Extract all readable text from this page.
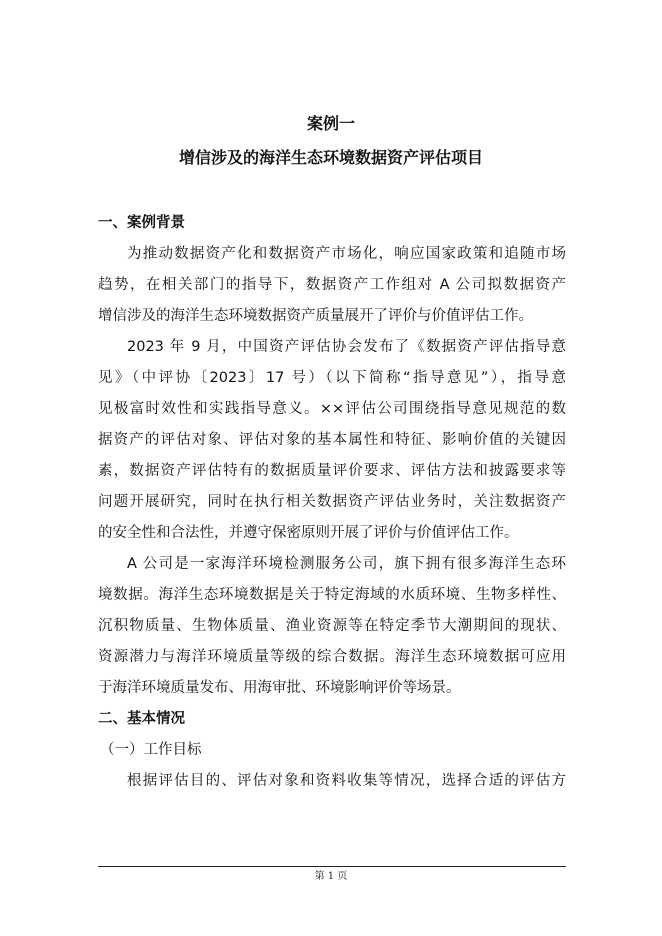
案例一
增信涉及的海洋生态环境数据资产评估项目
一、案例背景
为推动数据资产化和数据资产市场化，响应国家政策和追随市场
趋势，在相关部门的指导下，数据资产工作组对 A 公司拟数据资产
增信涉及的海洋生态环境数据资产质量展开了评价与价值评估工作。
2023 年 9 月，中国资产评估协会发布了《数据资产评估指导意
见》（中评协〔2023〕17 号）（以下简称“指导意见”），指导意
见极富时效性和实践指导意义。××评估公司围绕指导意见规范的数
据资产的评估对象、评估对象的基本属性和特征、影响价值的关键因
素，数据资产评估特有的数据质量评价要求、评估方法和披露要求等
问题开展研究，同时在执行相关数据资产评估业务时，关注数据资产
的安全性和合法性，并遵守保密原则开展了评价与价值评估工作。
A 公司是一家海洋环境检测服务公司，旗下拥有很多海洋生态环
境数据。海洋生态环境数据是关于特定海域的水质环境、生物多样性、
沉积物质量、生物体质量、渔业资源等在特定季节大潮期间的现状、
资源潜力与海洋环境质量等级的综合数据。海洋生态环境数据可应用
于海洋环境质量发布、用海审批、环境影响评价等场景。
二、基本情况
（一）工作目标
根据评估目的、评估对象和资料收集等情况，选择合适的评估方
第 1 页
